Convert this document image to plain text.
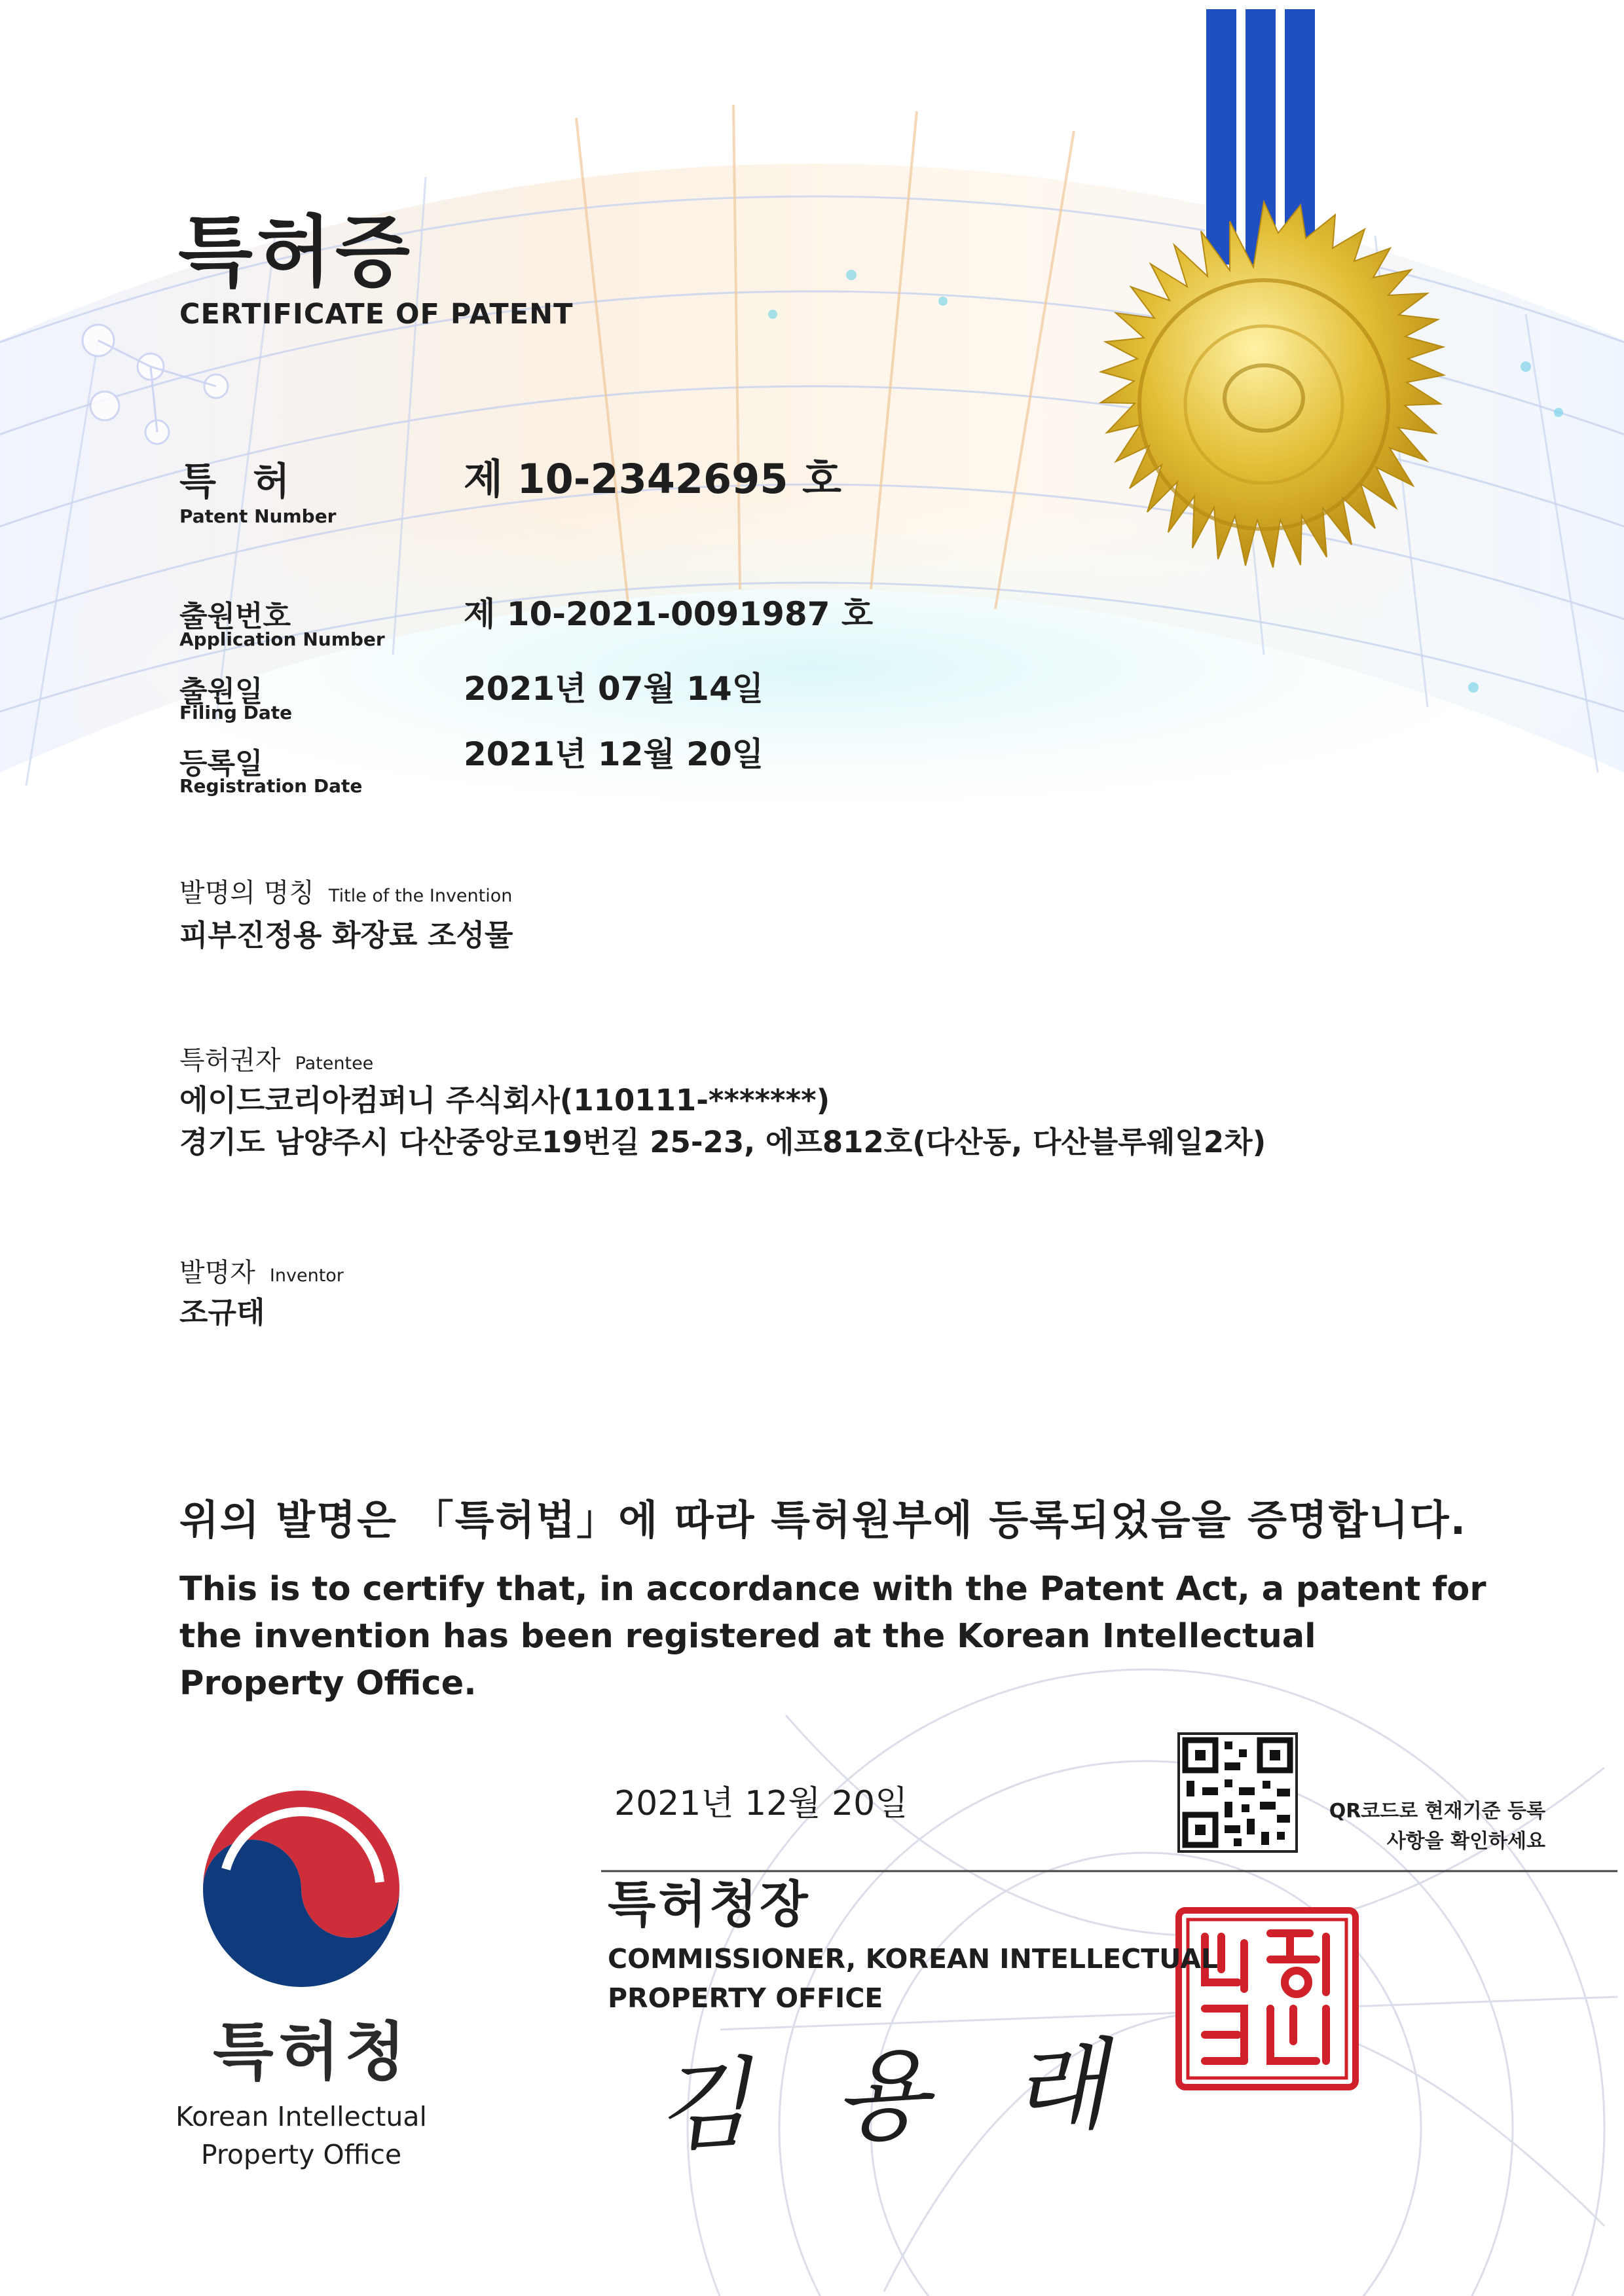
특허증
CERTIFICATE OF PATENT
특 허
Patent Number
제 10-2342695 호
출원번호
Application Number
제 10-2021-0091987 호
출원일
Filing Date
2021년 07월 14일
등록일
Registration Date
2021년 12월 20일
발명의 명칭 Title of the Invention
피부진정용 화장료 조성물
특허권자 Patentee
에이드코리아컴퍼니 주식회사(110111-*******)
경기도 남양주시 다산중앙로19번길 25-23, 에프812호(다산동, 다산블루웨일2차)
발명자 Inventor
조규태
위의 발명은 「특허법」에 따라 특허원부에 등록되었음을 증명합니다.
This is to certify that, in accordance with the Patent Act, a patent for the invention has been registered at the Korean Intellectual Property Office.
2021년 12월 20일
특허청장
COMMISSIONER, KOREAN INTELLECTUAL PROPERTY OFFICE
김 용 래
QR코드로 현재기준 등록사항을 확인하세요
특허청
Korean Intellectual Property Office
